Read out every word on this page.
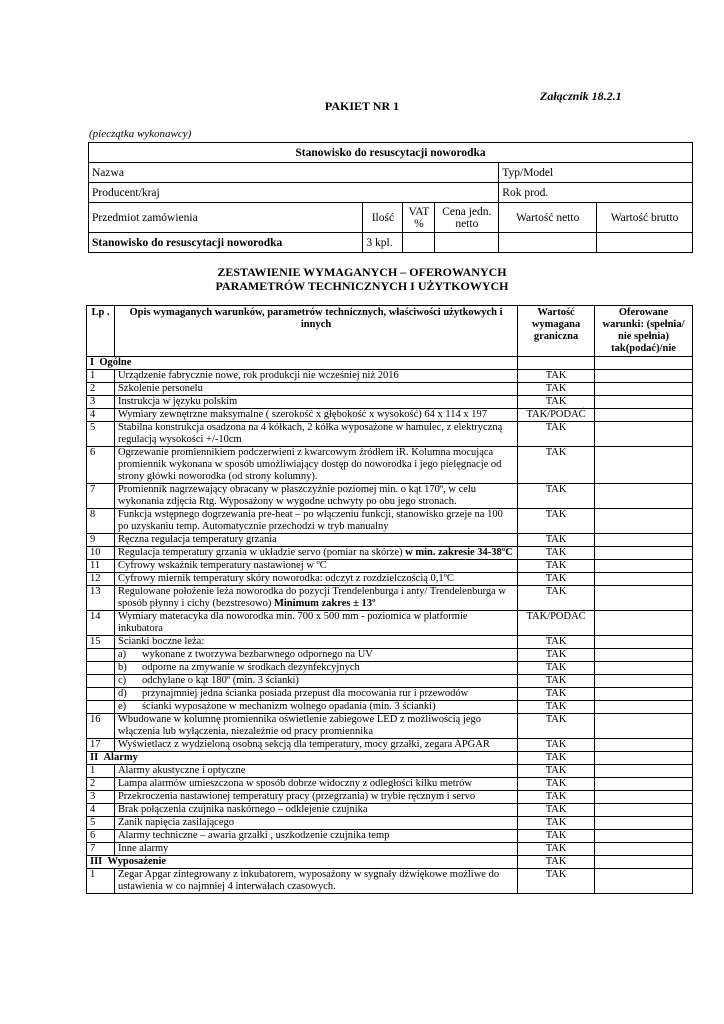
Załącznik 18.2.1
PAKIET NR 1
(pieczątka wykonawcy)
Stanowisko do resuscytacji noworodka					
Nazwa				Typ/Model	
Producent/kraj				Rok prod.	
Przedmiot zamówienia	Ilość	VAT %	Cena jedn. netto	Wartość netto	Wartość brutto
Stanowisko do resuscytacji noworodka	3 kpl.				
ZESTAWIENIE WYMAGANYCH – OFEROWANYCH
PARAMETRÓW TECHNICZNYCH I UŻYTKOWYCH
Lp .	Opis wymaganych warunków, parametrów technicznych, właściwości użytkowych i innych	Wartość wymagana graniczna	Oferowane warunki: (spełnia/ nie spełnia) tak(podać)/nie
I Ogólne			
1	Urządzenie fabrycznie nowe, rok produkcji nie wcześniej niż 2016	TAK	
2	Szkolenie personelu	TAK	
3	Instrukcja w języku polskim	TAK	
4	Wymiary zewnętrzne maksymalne ( szerokość x głębokość x wysokość) 64 x 114 x 197	TAK/PODAĆ	
5	Stabilna konstrukcja osadzona na 4 kółkach, 2 kółka wyposażone w hamulec, z elektryczną regulacją wysokości +/-10cm	TAK	
6	Ogrzewanie promiennikiem podczerwieni z kwarcowym źródłem iR. Kolumna mocująca promiennik wykonana w sposób umożliwiający dostęp do noworodka i jego pielęgnacje od strony główki noworodka (od strony kolumny).	TAK	
7	Promiennik nagrzewający obracany w płaszczyźnie poziomej min. o kąt 170º, w celu wykonania zdjęcia Rtg. Wyposażony w wygodne uchwyty po obu jego stronach.	TAK	
8	Funkcja wstępnego dogrzewania pre-heat – po włączeniu funkcji, stanowisko grzeje na 100 po uzyskaniu temp. Automatycznie przechodzi w tryb manualny	TAK	
9	Ręczna regulacja temperatury grzania	TAK	
10	Regulacja temperatury grzania w układzie servo (pomiar na skórze) w min. zakresie 34-38ºC	TAK	
11	Cyfrowy wskaźnik temperatury nastawionej w ºC	TAK	
12	Cyfrowy miernik temperatury skóry noworodka: odczyt z rozdzielczością 0,1ºC	TAK	
13	Regulowane położenie leża noworodka do pozycji Trendelenburga i anty/ Trendelenburga w sposób płynny i cichy (bezstresowo) Minimum zakres ± 13º	TAK	
14	Wymiary materacyka dla noworodka min. 700 x 500 mm - poziomica w platformie inkubatora	TAK/PODAĆ	
15	Ścianki boczne leża:	TAK	
	a) wykonane z tworzywa bezbarwnego odpornego na UV	TAK	
	b) odporne na zmywanie w środkach dezynfekcyjnych	TAK	
	c) odchylane o kąt 180º (min. 3 ścianki)	TAK	
	d) przynajmniej jedna ścianka posiada przepust dla mocowania rur i przewodów	TAK	
	e) ścianki wyposażone w mechanizm wolnego opadania (min. 3 ścianki)	TAK	
16	Wbudowane w kolumnę promiennika oświetlenie zabiegowe LED z możliwością jego włączenia lub wyłączenia, niezależnie od pracy promiennika	TAK	
17	Wyświetlacz z wydzieloną osobną sekcją dla temperatury, mocy grzałki, zegara APGAR	TAK	
II Alarmy		TAK	
1	Alarmy akustyczne i optyczne	TAK	
2	Lampa alarmów umieszczona w sposób dobrze widoczny z odległości kilku metrów	TAK	
3	Przekroczenia nastawionej temperatury pracy (przegrzania) w trybie ręcznym i servo	TAK	
4	Brak połączenia czujnika naskórnego – odklejenie czujnika	TAK	
5	Zanik napięcia zasilającego	TAK	
6	Alarmy techniczne – awaria grzałki , uszkodzenie czujnika temp	TAK	
7	Inne alarmy	TAK	
III Wyposażenie		TAK	
1	Zegar Apgar zintegrowany z inkubatorem, wyposażony w sygnały dźwiękowe możliwe do ustawienia w co najmniej 4 interwałach czasowych.	TAK	
